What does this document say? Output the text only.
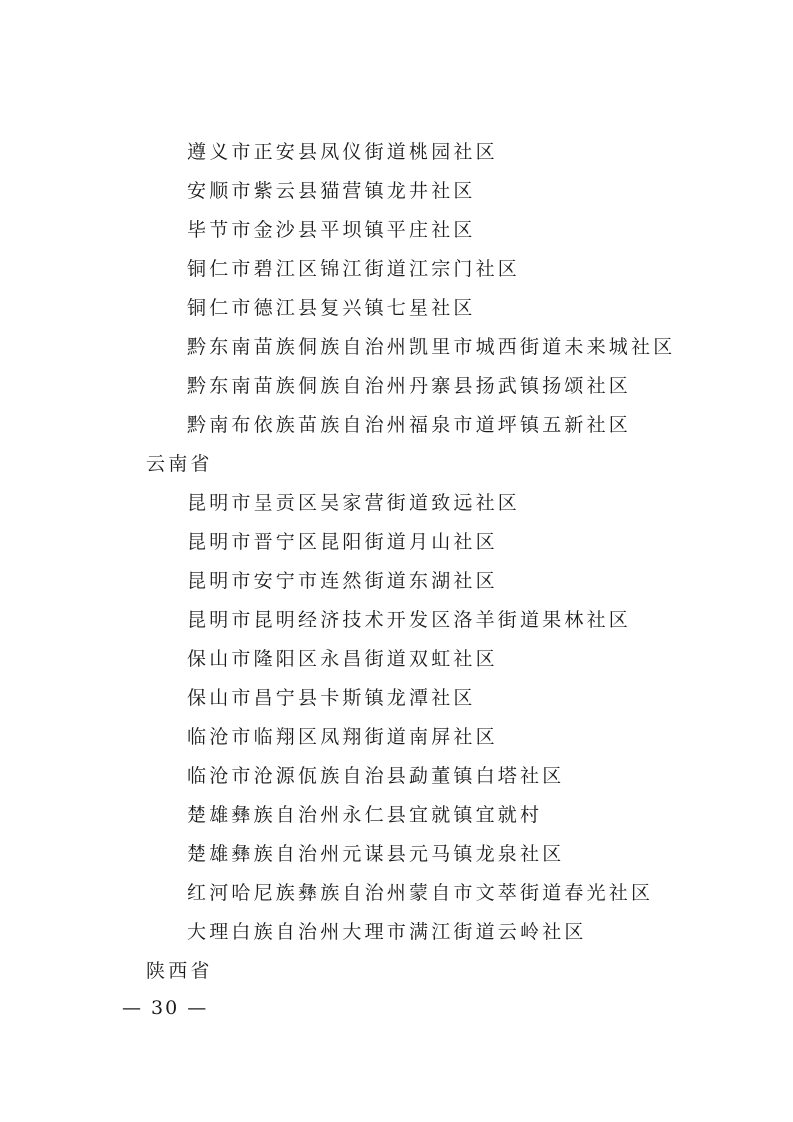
遵义市正安县凤仪街道桃园社区
安顺市紫云县猫营镇龙井社区
毕节市金沙县平坝镇平庄社区
铜仁市碧江区锦江街道江宗门社区
铜仁市德江县复兴镇七星社区
黔东南苗族侗族自治州凯里市城西街道未来城社区
黔东南苗族侗族自治州丹寨县扬武镇扬颂社区
黔南布依族苗族自治州福泉市道坪镇五新社区
云南省
昆明市呈贡区吴家营街道致远社区
昆明市晋宁区昆阳街道月山社区
昆明市安宁市连然街道东湖社区
昆明市昆明经济技术开发区洛羊街道果林社区
保山市隆阳区永昌街道双虹社区
保山市昌宁县卡斯镇龙潭社区
临沧市临翔区凤翔街道南屏社区
临沧市沧源佤族自治县勐董镇白塔社区
楚雄彝族自治州永仁县宜就镇宜就村
楚雄彝族自治州元谋县元马镇龙泉社区
红河哈尼族彝族自治州蒙自市文萃街道春光社区
大理白族自治州大理市满江街道云岭社区
陕西省
— 30 —
